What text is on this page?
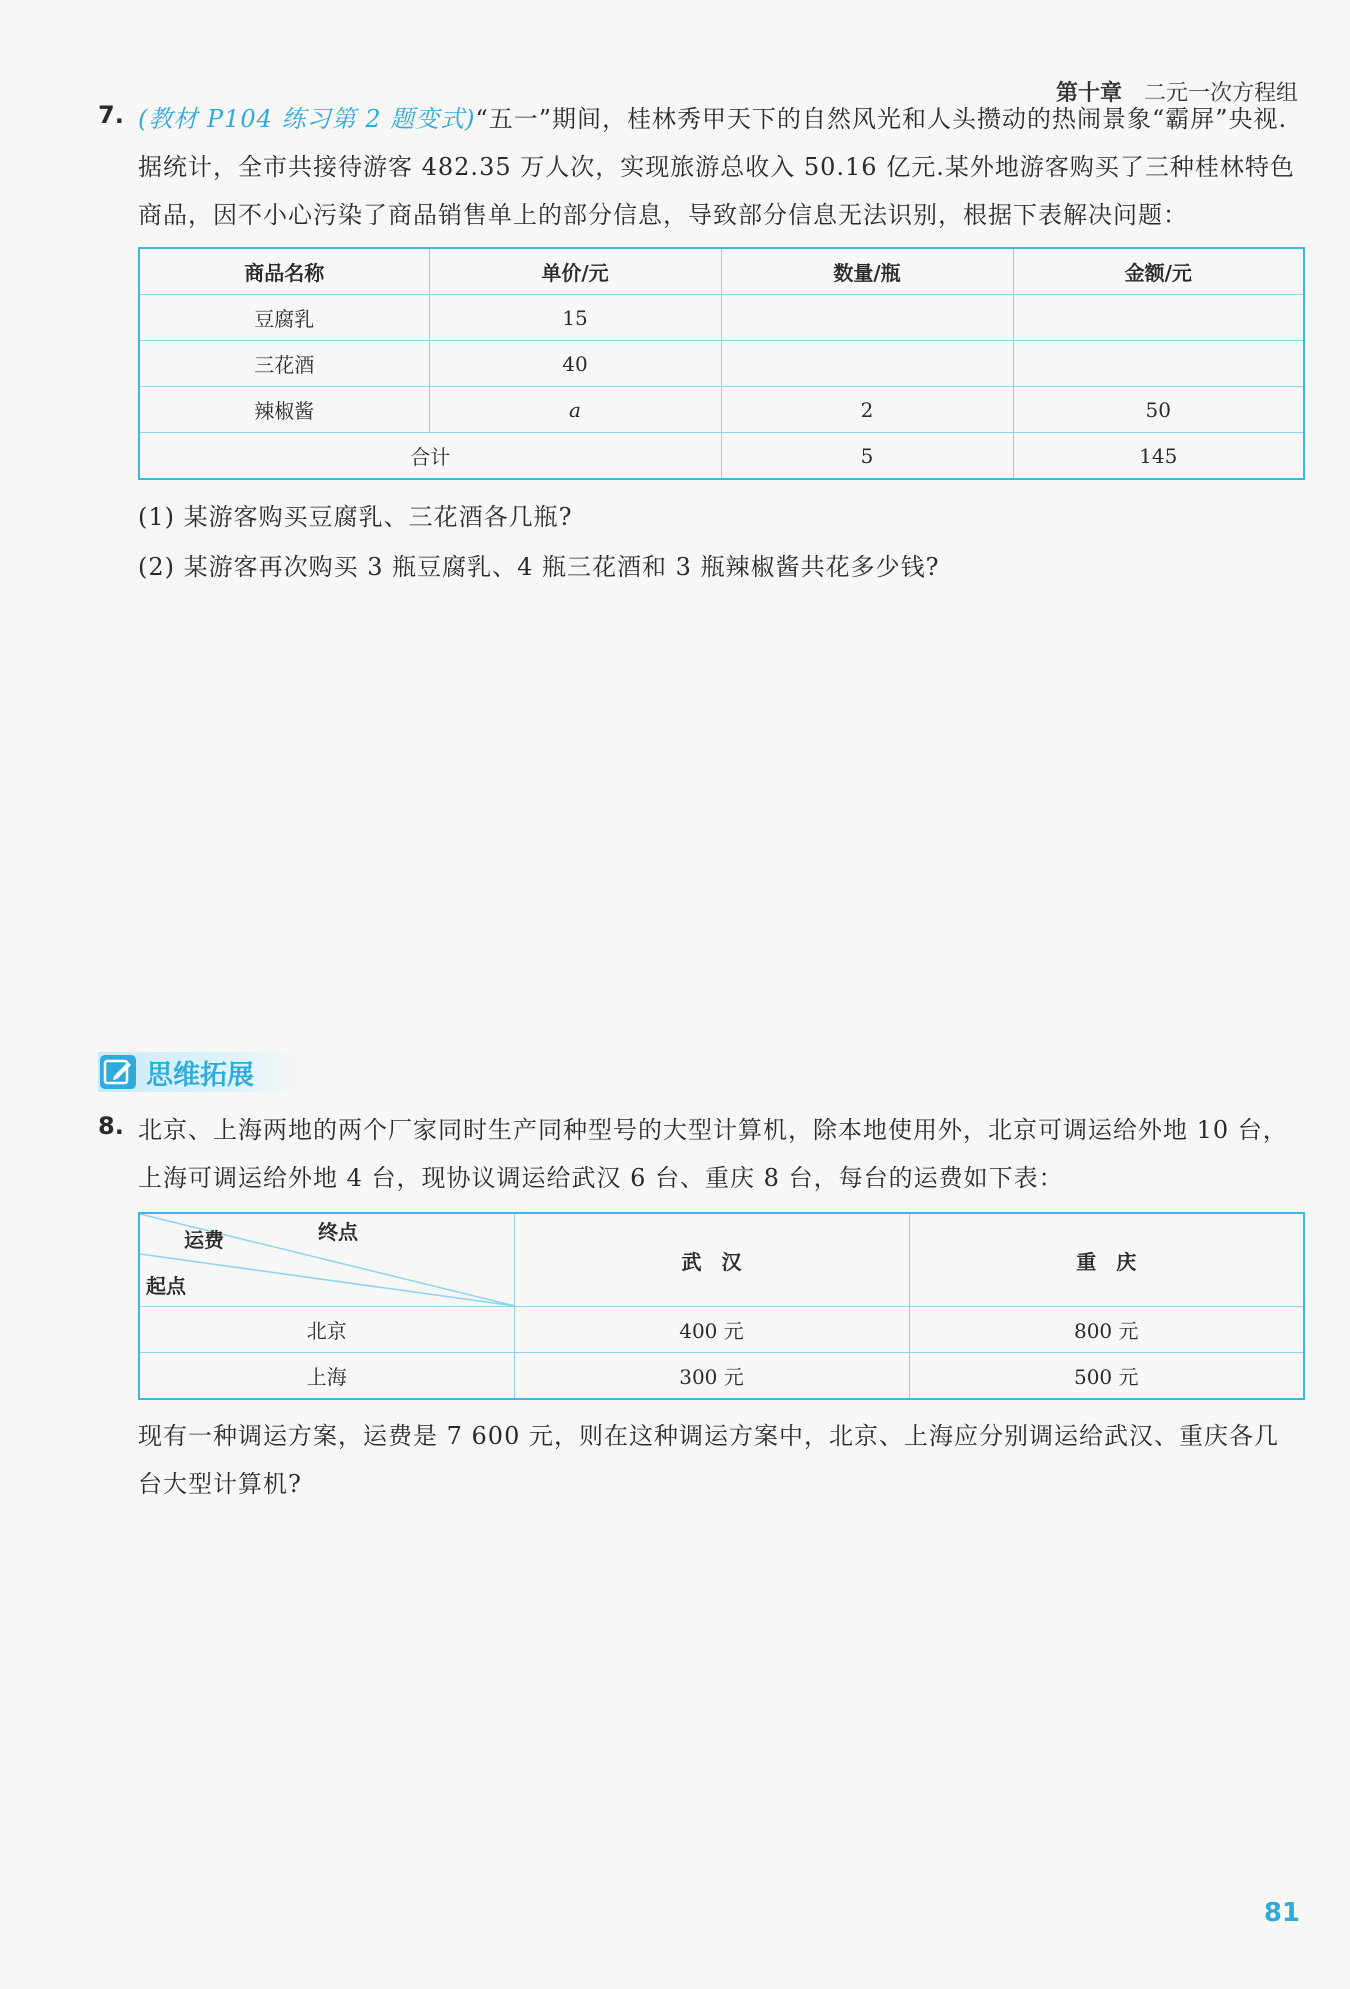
第十章 二元一次方程组
7. (教材 P104 练习第 2 题变式)“五一”期间，桂林秀甲天下的自然风光和人头攒动的热闹景象“霸屏”央视.据统计，全市共接待游客 482.35 万人次，实现旅游总收入 50.16 亿元.某外地游客购买了三种桂林特色商品，因不小心污染了商品销售单上的部分信息，导致部分信息无法识别，根据下表解决问题：
商品名称	单价/元	数量/瓶	金额/元
豆腐乳	15		
三花酒	40		
辣椒酱	a	2	50
合计		5	145
(1) 某游客购买豆腐乳、三花酒各几瓶?
(2) 某游客再次购买 3 瓶豆腐乳、4 瓶三花酒和 3 瓶辣椒酱共花多少钱?
思维拓展
8. 北京、上海两地的两个厂家同时生产同种型号的大型计算机，除本地使用外，北京可调运给外地 10 台，上海可调运给外地 4 台，现协议调运给武汉 6 台、重庆 8 台，每台的运费如下表：
运费 终点
起点	武　汉	重　庆
北京	400 元	800 元
上海	300 元	500 元
现有一种调运方案，运费是 7 600 元，则在这种调运方案中，北京、上海应分别调运给武汉、重庆各几台大型计算机?
81
